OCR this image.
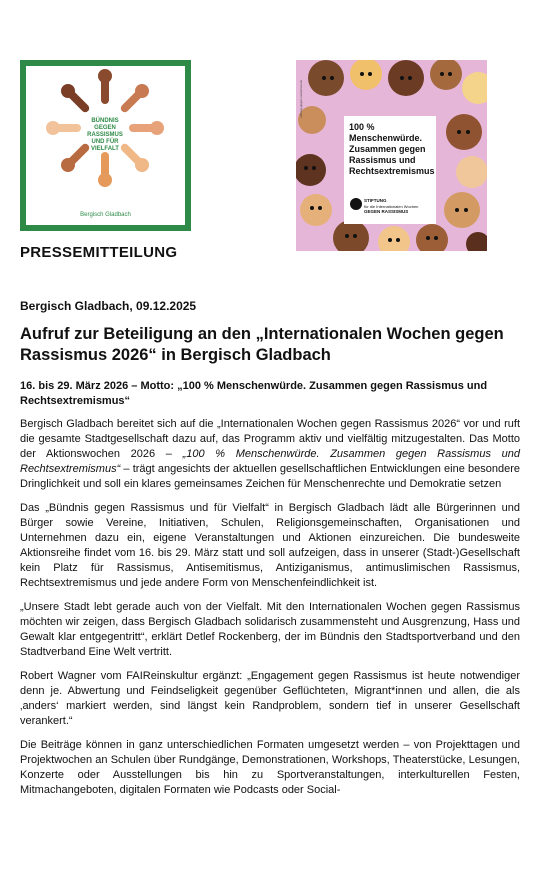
BÜNDNIS GEGEN RASSISMUS UND FÜR VIELFALT
Bergisch Gladbach
stiftung-gegen-rassismus.de
100 % Menschenwürde. Zusammen gegen Rassismus und Rechtsextremismus
STIFTUNG
für die Internationalen Wochen
GEGEN RASSISMUS
PRESSEMITTEILUNG
Bergisch Gladbach, 09.12.2025
Aufruf zur Beteiligung an den „Internationalen Wochen gegen Rassismus 2026“ in Bergisch Gladbach
16. bis 29. März 2026 – Motto: „100 % Menschenwürde. Zusammen gegen Rassismus und Rechtsextremismus“

Bergisch Gladbach bereitet sich auf die „Internationalen Wochen gegen Rassismus 2026“ vor und ruft die gesamte Stadtgesellschaft dazu auf, das Programm aktiv und vielfältig mitzugestalten. Das Motto der Aktionswochen 2026 – „100 % Menschenwürde. Zusammen gegen Rassismus und Rechtsextremismus“ – trägt angesichts der aktuellen gesellschaftlichen Entwicklungen eine besondere Dringlichkeit und soll ein klares gemeinsames Zeichen für Menschenrechte und Demokratie setzen

Das „Bündnis gegen Rassismus und für Vielfalt“ in Bergisch Gladbach lädt alle Bürgerinnen und Bürger sowie Vereine, Initiativen, Schulen, Religionsgemeinschaften, Organisationen und Unternehmen dazu ein, eigene Veranstaltungen und Aktionen einzureichen. Die bundesweite Aktionsreihe findet vom 16. bis 29. März statt und soll aufzeigen, dass in unserer (Stadt-)Gesellschaft kein Platz für Rassismus, Antisemitismus, Antiziganismus, antimuslimischen Rassismus, Rechtsextremismus und jede andere Form von Menschenfeindlichkeit ist.

„Unsere Stadt lebt gerade auch von der Vielfalt. Mit den Internationalen Wochen gegen Rassismus möchten wir zeigen, dass Bergisch Gladbach solidarisch zusammensteht und Ausgrenzung, Hass und Gewalt klar entgegentritt“, erklärt Detlef Rockenberg, der im Bündnis den Stadtsportverband und den Stadtverband Eine Welt vertritt.

Robert Wagner vom FAIReinskultur ergänzt: „Engagement gegen Rassismus ist heute notwendiger denn je. Abwertung und Feindseligkeit gegenüber Geflüchteten, Migrant*innen und allen, die als ‚anders‘ markiert werden, sind längst kein Randproblem, sondern tief in unserer Gesellschaft verankert.“

Die Beiträge können in ganz unterschiedlichen Formaten umgesetzt werden – von Projekttagen und Projektwochen an Schulen über Rundgänge, Demonstrationen, Workshops, Theaterstücke, Lesungen, Konzerte oder Ausstellungen bis hin zu Sportveranstaltungen, interkulturellen Festen, Mitmachangeboten, digitalen Formaten wie Podcasts oder Social-
